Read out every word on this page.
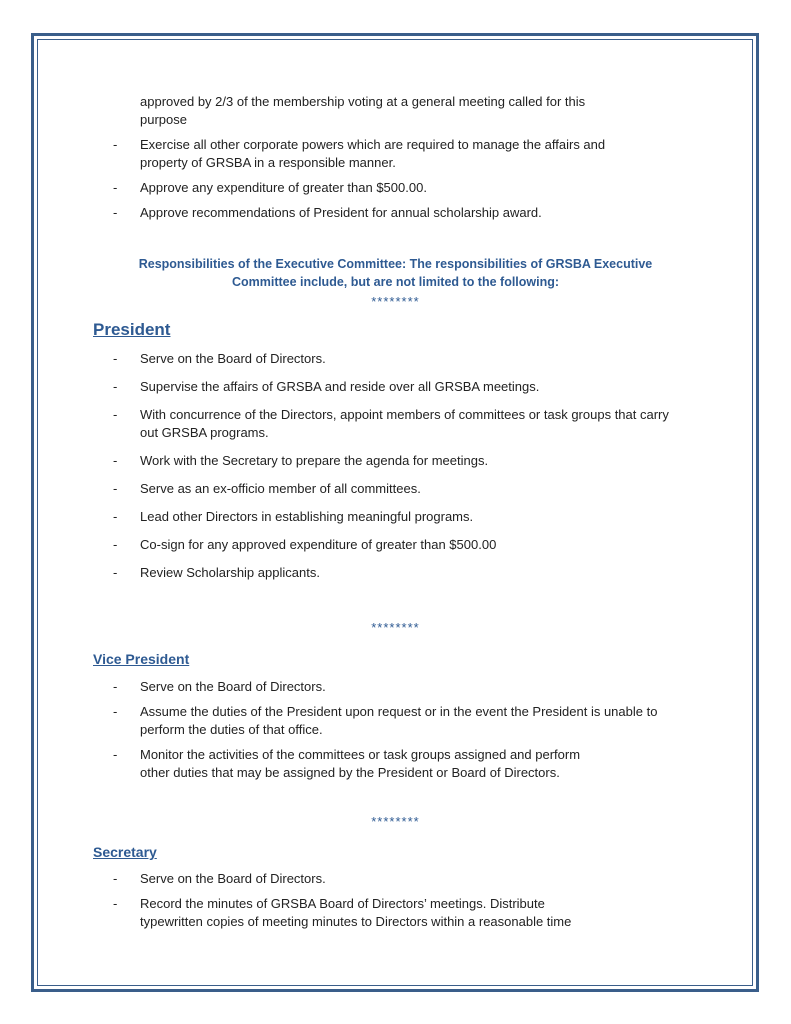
approved by 2/3 of the membership voting at a general meeting called for this
purpose
- Exercise all other corporate powers which are required to manage the affairs and
property of GRSBA in a responsible manner.
- Approve any expenditure of greater than $500.00.
- Approve recommendations of President for annual scholarship award.
Responsibilities of the Executive Committee: The responsibilities of GRSBA Executive
Committee include, but are not limited to the following:
********
President
- Serve on the Board of Directors.
- Supervise the affairs of GRSBA and reside over all GRSBA meetings.
- With concurrence of the Directors, appoint members of committees or task groups that carry
out GRSBA programs.
- Work with the Secretary to prepare the agenda for meetings.
- Serve as an ex-officio member of all committees.
- Lead other Directors in establishing meaningful programs.
- Co-sign for any approved expenditure of greater than $500.00
- Review Scholarship applicants.
********
Vice President
- Serve on the Board of Directors.
- Assume the duties of the President upon request or in the event the President is unable to
perform the duties of that office.
- Monitor the activities of the committees or task groups assigned and perform
other duties that may be assigned by the President or Board of Directors.
********
Secretary
- Serve on the Board of Directors.
- Record the minutes of GRSBA Board of Directors’ meetings. Distribute
typewritten copies of meeting minutes to Directors within a reasonable time
